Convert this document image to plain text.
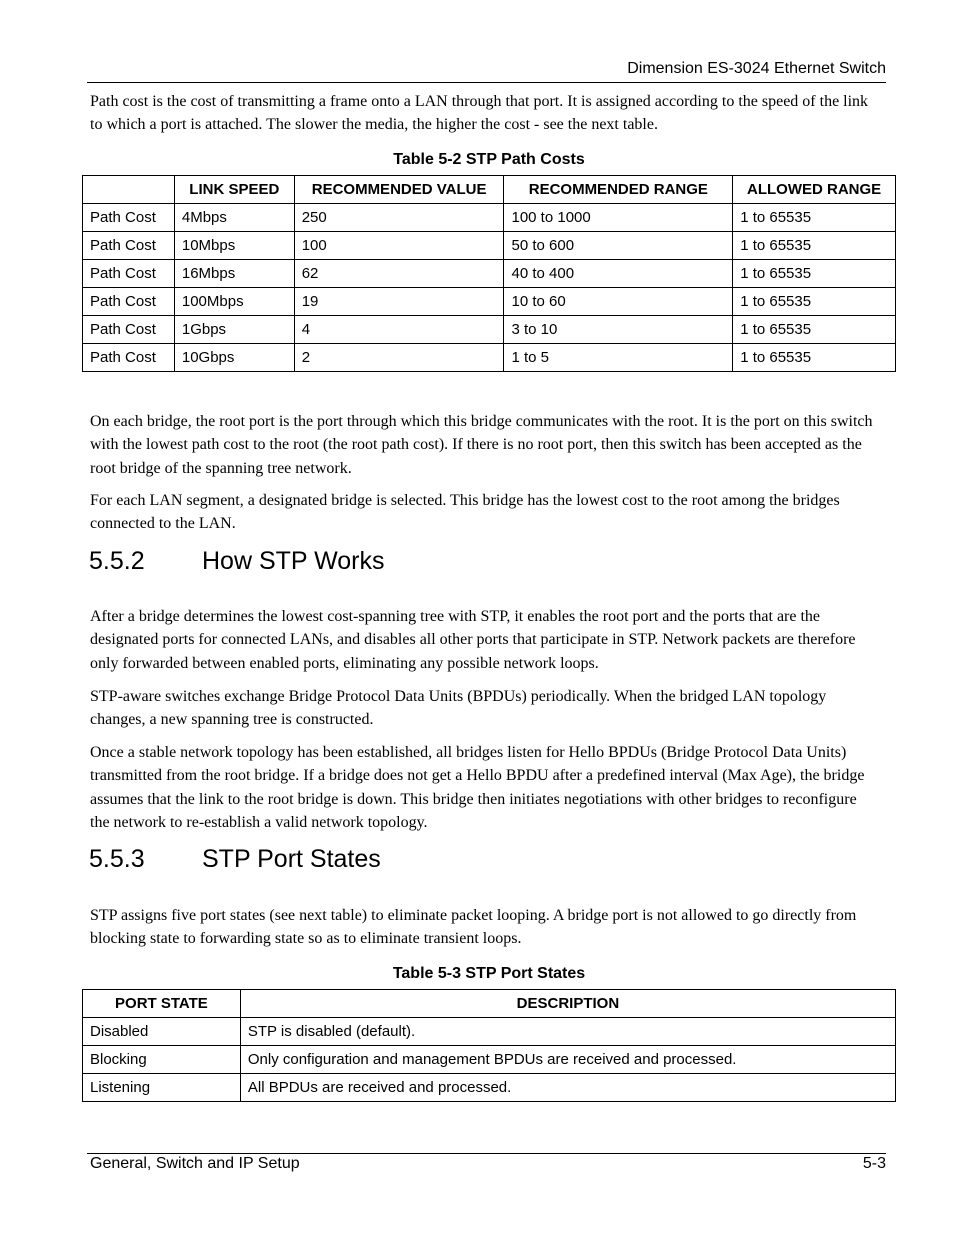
Dimension ES-3024 Ethernet Switch

Path cost is the cost of transmitting a frame onto a LAN through that port. It is assigned according to the speed of the link to which a port is attached. The slower the media, the higher the cost - see the next table.

Table 5-2 STP Path Costs
	LINK SPEED	RECOMMENDED VALUE	RECOMMENDED RANGE	ALLOWED RANGE
Path Cost	4Mbps	250	100 to 1000	1 to 65535
Path Cost	10Mbps	100	50 to 600	1 to 65535
Path Cost	16Mbps	62	40 to 400	1 to 65535
Path Cost	100Mbps	19	10 to 60	1 to 65535
Path Cost	1Gbps	4	3 to 10	1 to 65535
Path Cost	10Gbps	2	1 to 5	1 to 65535

On each bridge, the root port is the port through which this bridge communicates with the root. It is the port on this switch with the lowest path cost to the root (the root path cost). If there is no root port, then this switch has been accepted as the root bridge of the spanning tree network.

For each LAN segment, a designated bridge is selected. This bridge has the lowest cost to the root among the bridges connected to the LAN.

5.5.2 How STP Works

After a bridge determines the lowest cost-spanning tree with STP, it enables the root port and the ports that are the designated ports for connected LANs, and disables all other ports that participate in STP. Network packets are therefore only forwarded between enabled ports, eliminating any possible network loops.

STP-aware switches exchange Bridge Protocol Data Units (BPDUs) periodically. When the bridged LAN topology changes, a new spanning tree is constructed.

Once a stable network topology has been established, all bridges listen for Hello BPDUs (Bridge Protocol Data Units) transmitted from the root bridge. If a bridge does not get a Hello BPDU after a predefined interval (Max Age), the bridge assumes that the link to the root bridge is down. This bridge then initiates negotiations with other bridges to reconfigure the network to re-establish a valid network topology.

5.5.3 STP Port States

STP assigns five port states (see next table) to eliminate packet looping. A bridge port is not allowed to go directly from blocking state to forwarding state so as to eliminate transient loops.

Table 5-3 STP Port States
PORT STATE	DESCRIPTION
Disabled	STP is disabled (default).
Blocking	Only configuration and management BPDUs are received and processed.
Listening	All BPDUs are received and processed.
General, Switch and IP Setup	5-3
